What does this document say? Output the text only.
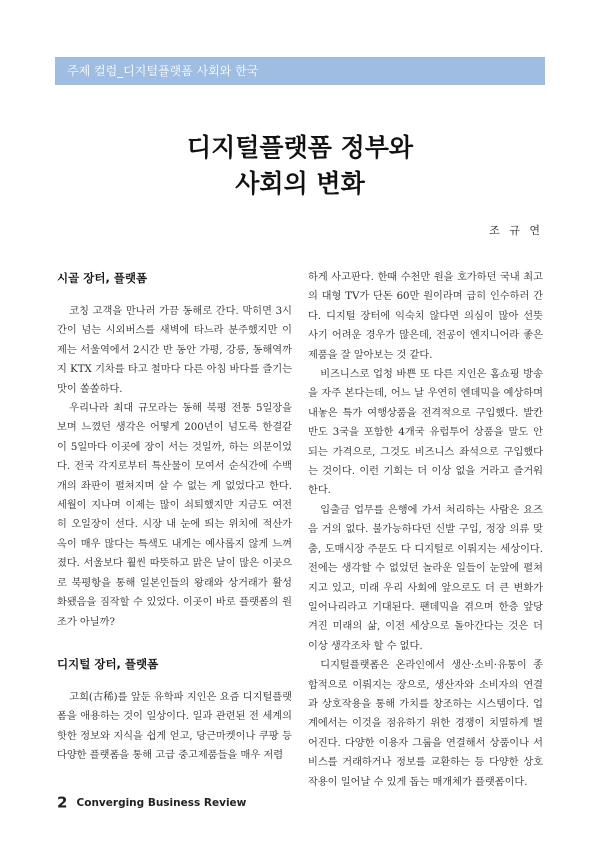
주제 컬럼_디지털플랫폼 사회와 한국
디지털플랫폼 정부와
사회의 변화
조 규 연
시골 장터, 플랫폼

코칭 고객을 만나러 가끔 동해로 간다. 막히면 3시간이 넘는 시외버스를 새벽에 타느라 분주했지만 이제는 서울역에서 2시간 반 동안 가평, 강릉, 동해역까지 KTX 기차를 타고 철마다 다른 아침 바다를 즐기는 맛이 쏠쏠하다.

우리나라 최대 규모라는 동해 북평 전통 5일장을 보며 느꼈던 생각은 어떻게 200년이 넘도록 한결같이 5일마다 이곳에 장이 서는 것일까, 하는 의문이었다. 전국 각지로부터 특산물이 모여서 순식간에 수백 개의 좌판이 펼쳐지며 살 수 없는 게 없었다고 한다. 세월이 지나며 이제는 많이 쇠퇴했지만 지금도 여전히 오일장이 선다. 시장 내 눈에 띄는 위치에 적산가옥이 매우 많다는 특색도 내게는 예사롭지 않게 느껴졌다. 서울보다 훨씬 따뜻하고 맑은 날이 많은 이곳으로 북평항을 통해 일본인들의 왕래와 상거래가 활성화됐음을 짐작할 수 있었다. 이곳이 바로 플랫폼의 원조가 아닐까?

디지털 장터, 플랫폼

고희(古稀)를 앞둔 유학파 지인은 요즘 디지털플랫폼을 애용하는 것이 일상이다. 일과 관련된 전 세계의 핫한 정보와 지식을 쉽게 얻고, 당근마켓이나 쿠팡 등 다양한 플랫폼을 통해 고급 중고제품들을 매우 저렴

하게 사고판다. 한때 수천만 원을 호가하던 국내 최고의 대형 TV가 단돈 60만 원이라며 급히 인수하러 간다. 디지털 장터에 익숙치 않다면 의심이 많아 선뜻 사기 어려운 경우가 많은데, 전공이 엔지니어라 좋은 제품을 잘 알아보는 것 같다.

비즈니스로 업청 바쁜 또 다른 지인은 홈쇼핑 방송을 자주 본다는데, 어느 날 우연히 엔데믹을 예상하며 내놓은 특가 여행상품을 전격적으로 구입했다. 발칸반도 3국을 포함한 4개국 유럽투어 상품을 말도 안 되는 가격으로, 그것도 비즈니스 좌석으로 구입했다는 것이다. 이런 기회는 더 이상 없을 거라고 즐거워한다.

입출금 업무를 은행에 가서 처리하는 사람은 요즈음 거의 없다. 불가능하다던 신발 구입, 정장 의류 맞춤, 도매시장 주문도 다 디지털로 이뤄지는 세상이다. 전에는 생각할 수 없었던 놀라운 일들이 눈앞에 펼쳐지고 있고, 미래 우리 사회에 앞으로도 더 큰 변화가 일어나리라고 기대된다. 팬데믹을 겪으며 한층 앞당겨진 미래의 삶, 이전 세상으로 돌아간다는 것은 더 이상 생각조차 할 수 없다.

디지털플랫폼은 온라인에서 생산·소비·유통이 종합적으로 이뤄지는 장으로, 생산자와 소비자의 연결과 상호작용을 통해 가치를 창조하는 시스템이다. 업계에서는 이것을 점유하기 위한 경쟁이 치열하게 벌어진다. 다양한 이용자 그룹을 연결해서 상품이나 서비스를 거래하거나 정보를 교환하는 등 다양한 상호작용이 일어날 수 있게 돕는 매개체가 플랫폼이다.

2 Converging Business Review
